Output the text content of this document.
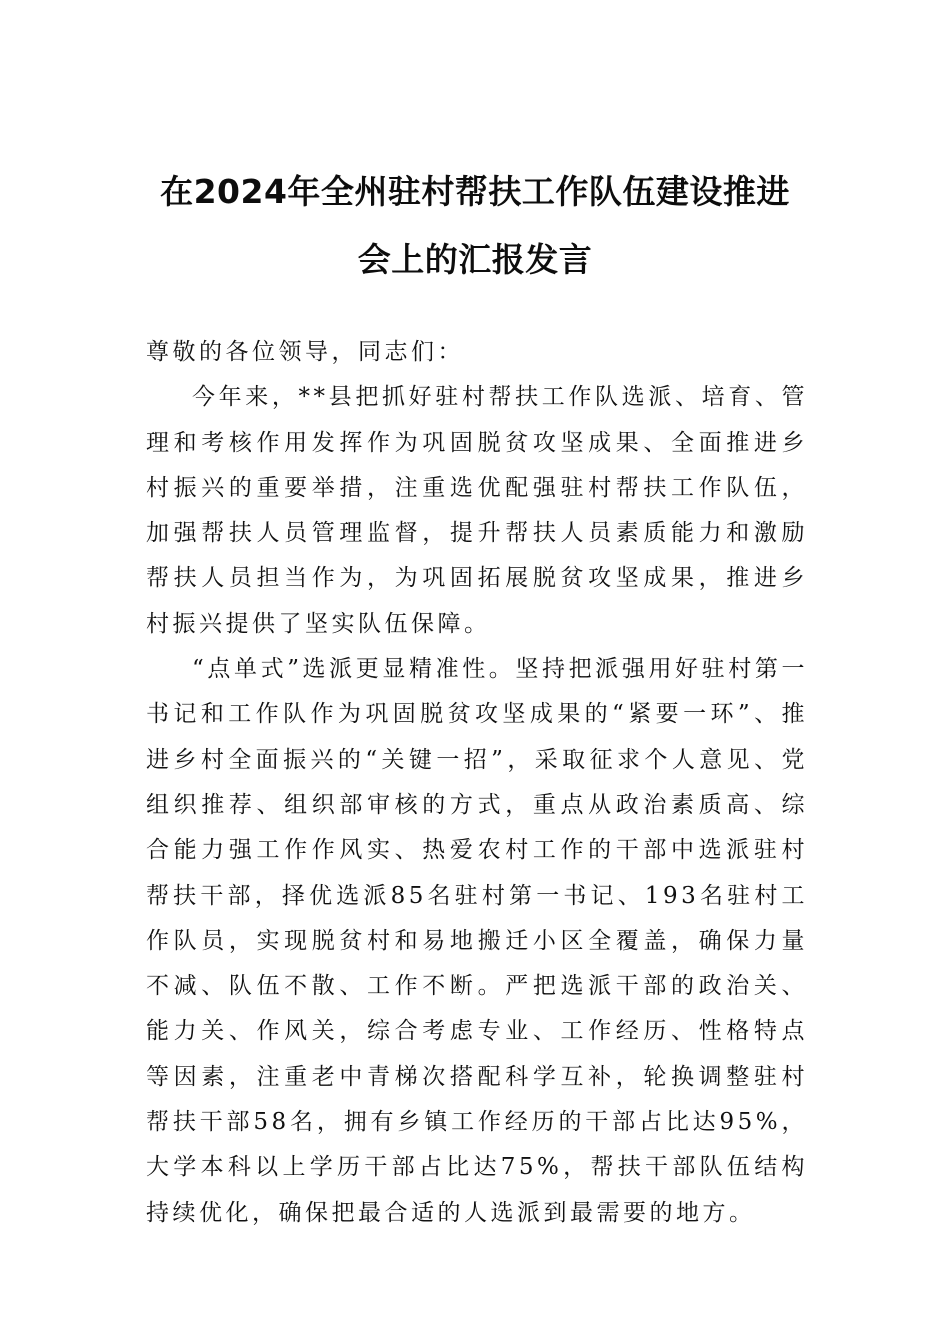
在2024年全州驻村帮扶工作队伍建设推进
会上的汇报发言

尊敬的各位领导，同志们：

今年来，**县把抓好驻村帮扶工作队选派、培育、管理和考核作用发挥作为巩固脱贫攻坚成果、全面推进乡村振兴的重要举措，注重选优配强驻村帮扶工作队伍，加强帮扶人员管理监督，提升帮扶人员素质能力和激励帮扶人员担当作为，为巩固拓展脱贫攻坚成果，推进乡村振兴提供了坚实队伍保障。

“点单式”选派更显精准性。坚持把派强用好驻村第一书记和工作队作为巩固脱贫攻坚成果的“紧要一环”、推进乡村全面振兴的“关键一招”，采取征求个人意见、党组织推荐、组织部审核的方式，重点从政治素质高、综合能力强工作作风实、热爱农村工作的干部中选派驻村帮扶干部，择优选派85名驻村第一书记、193名驻村工作队员，实现脱贫村和易地搬迁小区全覆盖，确保力量不减、队伍不散、工作不断。严把选派干部的政治关、能力关、作风关，综合考虑专业、工作经历、性格特点等因素，注重老中青梯次搭配科学互补，轮换调整驻村帮扶干部58名，拥有乡镇工作经历的干部占比达95%，大学本科以上学历干部占比达75%，帮扶干部队伍结构持续优化，确保把最合适的人选派到最需要的地方。
